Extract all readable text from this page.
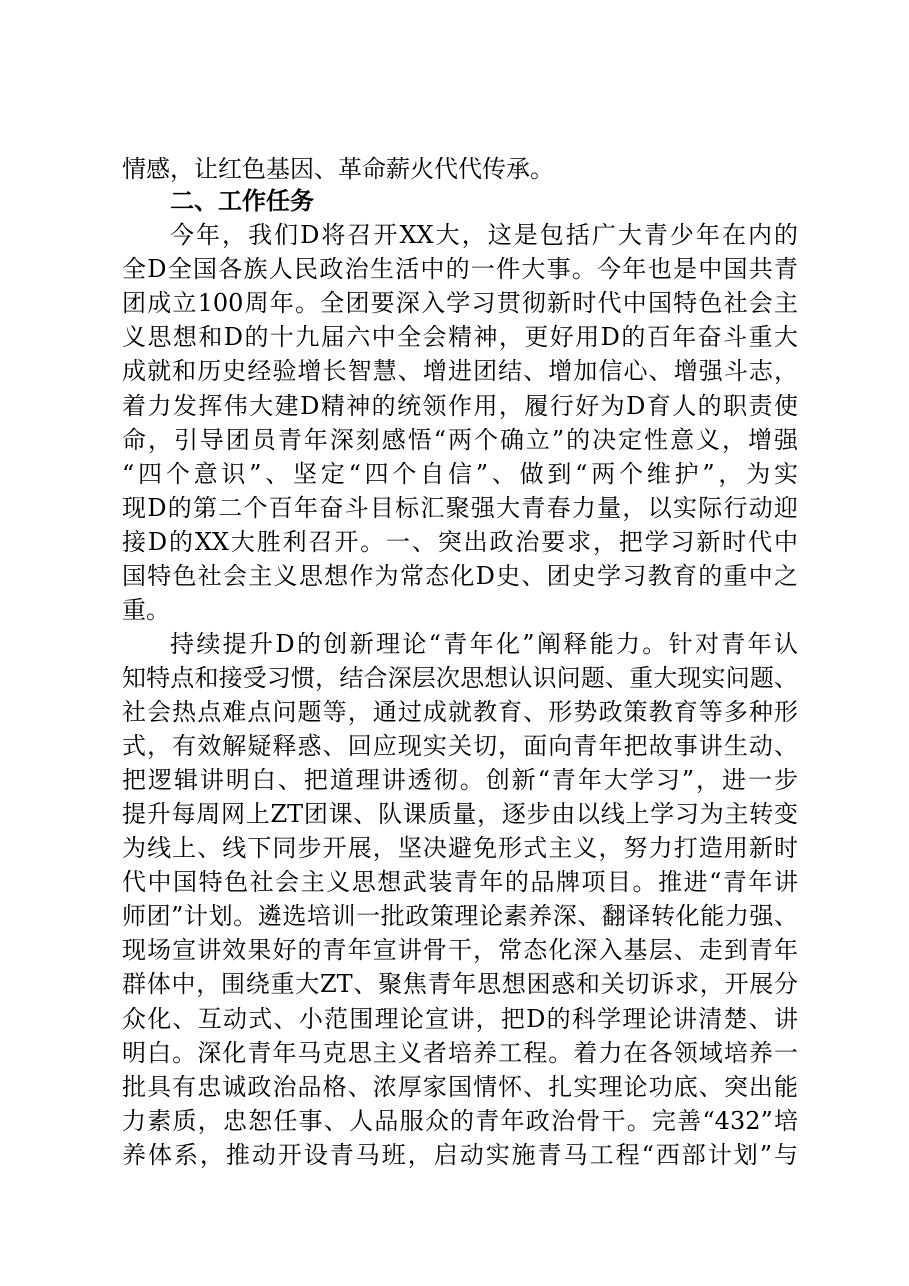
情感，让红色基因、革命薪火代代传承。
二、工作任务
今年，我们D将召开XX大，这是包括广大青少年在内的
全D全国各族人民政治生活中的一件大事。今年也是中国共青
团成立100周年。全团要深入学习贯彻新时代中国特色社会主
义思想和D的十九届六中全会精神，更好用D的百年奋斗重大
成就和历史经验增长智慧、增进团结、增加信心、增强斗志，
着力发挥伟大建D精神的统领作用，履行好为D育人的职责使
命，引导团员青年深刻感悟“两个确立”的决定性意义，增强
“四个意识”、坚定“四个自信”、做到“两个维护”，为实
现D的第二个百年奋斗目标汇聚强大青春力量，以实际行动迎
接D的XX大胜利召开。一、突出政治要求，把学习新时代中
国特色社会主义思想作为常态化D史、团史学习教育的重中之
重。
持续提升D的创新理论“青年化”阐释能力。针对青年认
知特点和接受习惯，结合深层次思想认识问题、重大现实问题、
社会热点难点问题等，通过成就教育、形势政策教育等多种形
式，有效解疑释惑、回应现实关切，面向青年把故事讲生动、
把逻辑讲明白、把道理讲透彻。创新“青年大学习”，进一步
提升每周网上ZT团课、队课质量，逐步由以线上学习为主转变
为线上、线下同步开展，坚决避免形式主义，努力打造用新时
代中国特色社会主义思想武装青年的品牌项目。推进“青年讲
师团”计划。遴选培训一批政策理论素养深、翻译转化能力强、
现场宣讲效果好的青年宣讲骨干，常态化深入基层、走到青年
群体中，围绕重大ZT、聚焦青年思想困惑和关切诉求，开展分
众化、互动式、小范围理论宣讲，把D的科学理论讲清楚、讲
明白。深化青年马克思主义者培养工程。着力在各领域培养一
批具有忠诚政治品格、浓厚家国情怀、扎实理论功底、突出能
力素质，忠恕任事、人品服众的青年政治骨干。完善“432”培
养体系，推动开设青马班，启动实施青马工程“西部计划”与
